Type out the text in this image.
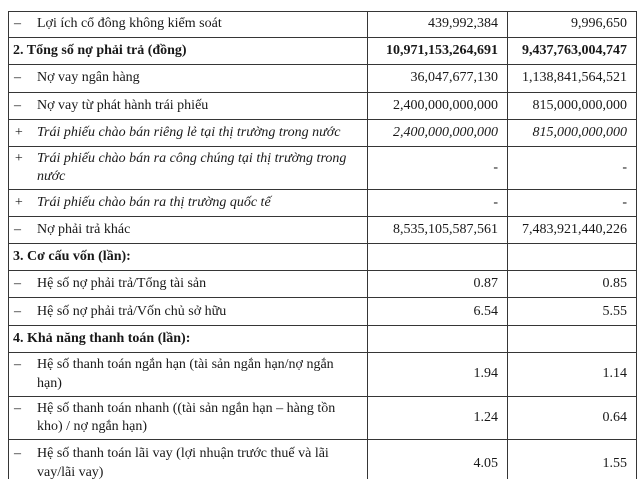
– Lợi ích cổ đông không kiểm soát	439,992,384	9,996,650

2. Tổng số nợ phải trả (đồng)	10,971,153,264,691	9,437,763,004,747

– Nợ vay ngân hàng	36,047,677,130	1,138,841,564,521

– Nợ vay từ phát hành trái phiếu	2,400,000,000,000	815,000,000,000

+ Trái phiếu chào bán riêng lẻ tại thị trường trong nước	2,400,000,000,000	815,000,000,000

+ Trái phiếu chào bán ra công chúng tại thị trường trong nước	-	-

+ Trái phiếu chào bán ra thị trường quốc tế	-	-

– Nợ phải trả khác	8,535,105,587,561	7,483,921,440,226

3. Cơ cấu vốn (lần):		

– Hệ số nợ phải trả/Tổng tài sản	0.87	0.85

– Hệ số nợ phải trả/Vốn chủ sở hữu	6.54	5.55

4. Khả năng thanh toán (lần):		

– Hệ số thanh toán ngắn hạn (tài sản ngắn hạn/nợ ngắn hạn)	1.94	1.14

– Hệ số thanh toán nhanh ((tài sản ngắn hạn – hàng tồn kho) / nợ ngắn hạn)	1.24	0.64

– Hệ số thanh toán lãi vay (lợi nhuận trước thuế và lãi vay/lãi vay)	4.05	1.55
